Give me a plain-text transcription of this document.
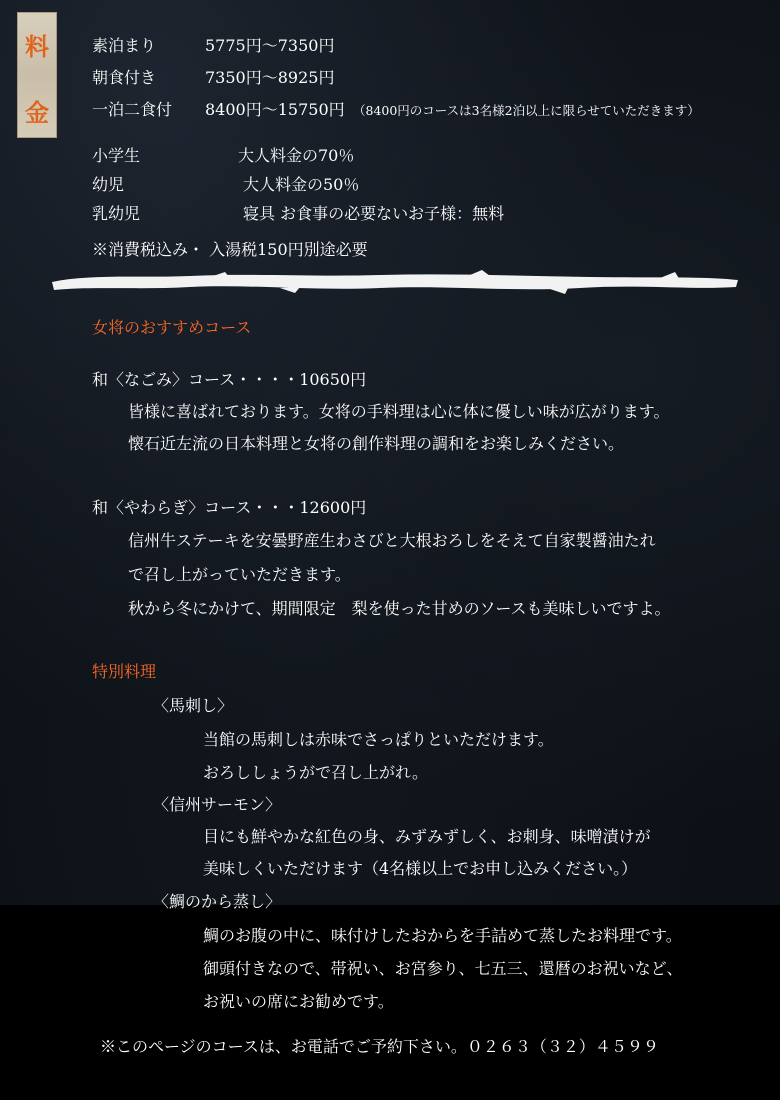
料
金
素泊まり	5775円～7350円
朝食付き	7350円～8925円
一泊二食付 8400円～15750円 （8400円のコースは3名様2泊以上に限らせていただきます）
小学生	大人料金の70％
幼児	大人料金の50％
乳幼児	寝具 お食事の必要ないお子様：無料
※消費税込み・ 入湯税150円別途必要
女将のおすすめコース
和〈なごみ〉コース・・・・10650円
皆様に喜ばれております。女将の手料理は心に体に優しい味が広がります。
懐石近左流の日本料理と女将の創作料理の調和をお楽しみください。
和〈やわらぎ〉コース・・・12600円
信州牛ステーキを安曇野産生わさびと大根おろしをそえて自家製醤油たれ
で召し上がっていただきます。
秋から冬にかけて、期間限定　梨を使った甘めのソースも美味しいですよ。
特別料理
〈馬刺し〉
当館の馬刺しは赤味でさっぱりといただけます。
おろししょうがで召し上がれ。
〈信州サーモン〉
目にも鮮やかな紅色の身、みずみずしく、お刺身、味噌漬けが
美味しくいただけます（4名様以上でお申し込みください。）
〈鯛のから蒸し〉
鯛のお腹の中に、味付けしたおからを手詰めて蒸したお料理です。
御頭付きなので、帯祝い、お宮参り、七五三、還暦のお祝いなど、
お祝いの席にお勧めです。
※このページのコースは、お電話でご予約下さい。０２６３（３２）４５９９
